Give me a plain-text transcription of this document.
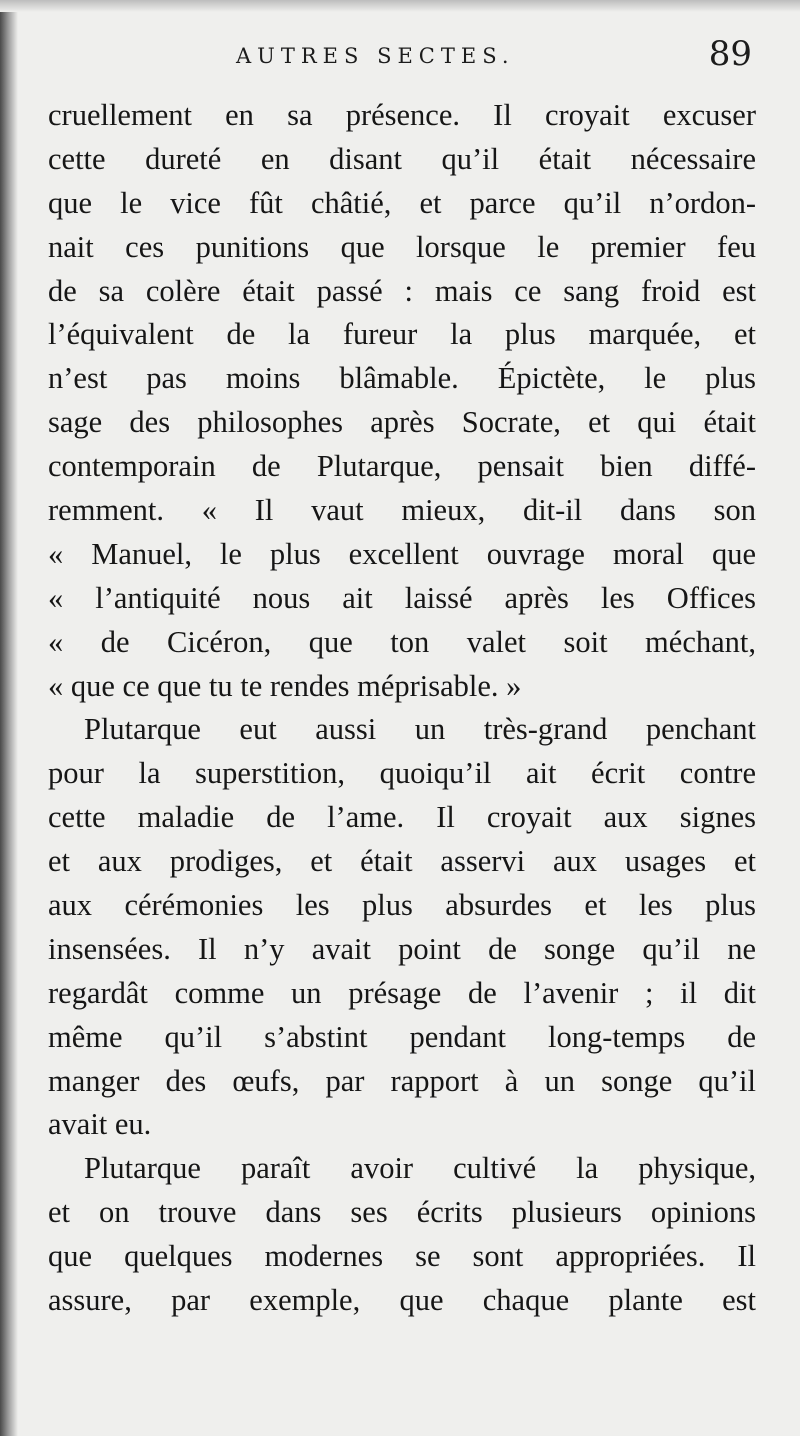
AUTRES SECTES.	89
cruellement en sa présence. Il croyait excuser
cette dureté en disant qu’il était nécessaire
que le vice fût châtié, et parce qu’il n’ordon-
nait ces punitions que lorsque le premier feu
de sa colère était passé : mais ce sang froid est
l’équivalent de la fureur la plus marquée, et
n’est pas moins blâmable. Épictète, le plus
sage des philosophes après Socrate, et qui était
contemporain de Plutarque, pensait bien diffé-
remment. « Il vaut mieux, dit-il dans son
« Manuel, le plus excellent ouvrage moral que
« l’antiquité nous ait laissé après les Offices
« de Cicéron, que ton valet soit méchant,
« que ce que tu te rendes méprisable. »
Plutarque eut aussi un très-grand penchant
pour la superstition, quoiqu’il ait écrit contre
cette maladie de l’ame. Il croyait aux signes
et aux prodiges, et était asservi aux usages et
aux cérémonies les plus absurdes et les plus
insensées. Il n’y avait point de songe qu’il ne
regardât comme un présage de l’avenir ; il dit
même qu’il s’abstint pendant long-temps de
manger des œufs, par rapport à un songe qu’il
avait eu.
Plutarque paraît avoir cultivé la physique,
et on trouve dans ses écrits plusieurs opinions
que quelques modernes se sont appropriées. Il
assure, par exemple, que chaque plante est
